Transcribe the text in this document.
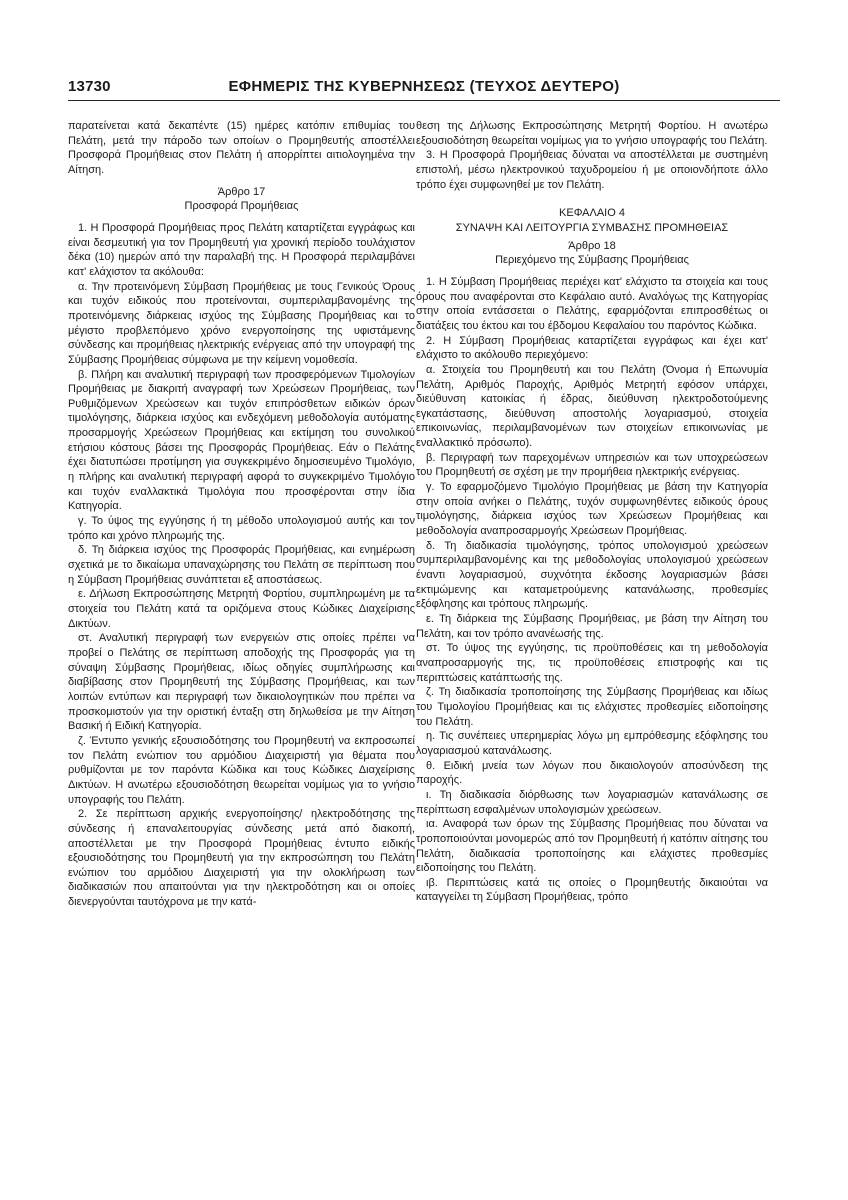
13730	ΕΦΗΜΕΡΙΣ ΤΗΣ ΚΥΒΕΡΝΗΣΕΩΣ (ΤΕΥΧΟΣ ΔΕΥΤΕΡΟ)

παρατείνεται κατά δεκαπέντε (15) ημέρες κατόπιν επιθυμίας του Πελάτη, μετά την πάροδο των οποίων ο Προμηθευτής αποστέλλει Προσφορά Προμήθειας στον Πελάτη ή απορρίπτει αιτιολογημένα την Αίτηση.

Άρθρο 17

Προσφορά Προμήθειας

1. Η Προσφορά Προμήθειας προς Πελάτη καταρτίζεται εγγράφως και είναι δεσμευτική για τον Προμηθευτή για χρονική περίοδο τουλάχιστον δέκα (10) ημερών από την παραλαβή της. Η Προσφορά περιλαμβάνει κατ' ελάχιστον τα ακόλουθα:

α. Την προτεινόμενη Σύμβαση Προμήθειας με τους Γενικούς Όρους και τυχόν ειδικούς που προτείνονται, συμπεριλαμβανομένης της προτεινόμενης διάρκειας ισχύος της Σύμβασης Προμήθειας και το μέγιστο προβλεπόμενο χρόνο ενεργοποίησης της υφιστάμενης σύνδεσης και προμήθειας ηλεκτρικής ενέργειας από την υπογραφή της Σύμβασης Προμήθειας σύμφωνα με την κείμενη νομοθεσία.

β. Πλήρη και αναλυτική περιγραφή των προσφερόμενων Τιμολογίων Προμήθειας με διακριτή αναγραφή των Χρεώσεων Προμήθειας, των Ρυθμιζόμενων Χρεώσεων και τυχόν επιπρόσθετων ειδικών όρων τιμολόγησης, διάρκεια ισχύος και ενδεχόμενη μεθοδολογία αυτόματης προσαρμογής Χρεώσεων Προμήθειας και εκτίμηση του συνολικού ετήσιου κόστους βάσει της Προσφοράς Προμήθειας. Εάν ο Πελάτης έχει διατυπώσει προτίμηση για συγκεκριμένο δημοσιευμένο Τιμολόγιο, η πλήρης και αναλυτική περιγραφή αφορά το συγκεκριμένο Τιμολόγιο και τυχόν εναλλακτικά Τιμολόγια που προσφέρονται στην ίδια Κατηγορία.

γ. Το ύψος της εγγύησης ή τη μέθοδο υπολογισμού αυτής και τον τρόπο και χρόνο πληρωμής της.

δ. Τη διάρκεια ισχύος της Προσφοράς Προμήθειας, και ενημέρωση σχετικά με το δικαίωμα υπαναχώρησης του Πελάτη σε περίπτωση που η Σύμβαση Προμήθειας συνάπτεται εξ αποστάσεως.

ε. Δήλωση Εκπροσώπησης Μετρητή Φορτίου, συμπληρωμένη με τα στοιχεία του Πελάτη κατά τα οριζόμενα στους Κώδικες Διαχείρισης Δικτύων.

στ. Αναλυτική περιγραφή των ενεργειών στις οποίες πρέπει να προβεί ο Πελάτης σε περίπτωση αποδοχής της Προσφοράς για τη σύναψη Σύμβασης Προμήθειας, ιδίως οδηγίες συμπλήρωσης και διαβίβασης στον Προμηθευτή της Σύμβασης Προμήθειας, και των λοιπών εντύπων και περιγραφή των δικαιολογητικών που πρέπει να προσκομιστούν για την οριστική ένταξη στη δηλωθείσα με την Αίτηση Βασική ή Ειδική Κατηγορία.

ζ. Έντυπο γενικής εξουσιοδότησης του Προμηθευτή να εκπροσωπεί τον Πελάτη ενώπιον του αρμόδιου Διαχειριστή για θέματα που ρυθμίζονται με τον παρόντα Κώδικα και τους Κώδικες Διαχείρισης Δικτύων. Η ανωτέρω εξουσιοδότηση θεωρείται νομίμως για το γνήσιο υπογραφής του Πελάτη.

2. Σε περίπτωση αρχικής ενεργοποίησης/ ηλεκτροδότησης της σύνδεσης ή επαναλειτουργίας σύνδεσης μετά από διακοπή, αποστέλλεται με την Προσφορά Προμήθειας έντυπο ειδικής εξουσιοδότησης του Προμηθευτή για την εκπροσώπηση του Πελάτη ενώπιον του αρμόδιου Διαχειριστή για την ολοκλήρωση των διαδικασιών που απαιτούνται για την ηλεκτροδότηση και οι οποίες διενεργούνται ταυτόχρονα με την κατά-

θεση της Δήλωσης Εκπροσώπησης Μετρητή Φορτίου. Η ανωτέρω εξουσιοδότηση θεωρείται νομίμως για το γνήσιο υπογραφής του Πελάτη.

3. Η Προσφορά Προμήθειας δύναται να αποστέλλεται με συστημένη επιστολή, μέσω ηλεκτρονικού ταχυδρομείου ή με οποιονδήποτε άλλο τρόπο έχει συμφωνηθεί με τον Πελάτη.

ΚΕΦΑΛΑΙΟ 4

ΣΥΝΑΨΗ ΚΑΙ ΛΕΙΤΟΥΡΓΙΑ ΣΥΜΒΑΣΗΣ ΠΡΟΜΗΘΕΙΑΣ

Άρθρο 18

Περιεχόμενο της Σύμβασης Προμήθειας

1. Η Σύμβαση Προμήθειας περιέχει κατ' ελάχιστο τα στοιχεία και τους όρους που αναφέρονται στο Κεφάλαιο αυτό. Αναλόγως της Κατηγορίας στην οποία εντάσσεται ο Πελάτης, εφαρμόζονται επιπροσθέτως οι διατάξεις του έκτου και του έβδομου Κεφαλαίου του παρόντος Κώδικα.

2. Η Σύμβαση Προμήθειας καταρτίζεται εγγράφως και έχει κατ' ελάχιστο το ακόλουθο περιεχόμενο:

α. Στοιχεία του Προμηθευτή και του Πελάτη (Όνομα ή Επωνυμία Πελάτη, Αριθμός Παροχής, Αριθμός Μετρητή εφόσον υπάρχει, διεύθυνση κατοικίας ή έδρας, διεύθυνση ηλεκτροδοτούμενης εγκατάστασης, διεύθυνση αποστολής λογαριασμού, στοιχεία επικοινωνίας, περιλαμβανομένων των στοιχείων επικοινωνίας με εναλλακτικό πρόσωπο).

β. Περιγραφή των παρεχομένων υπηρεσιών και των υποχρεώσεων του Προμηθευτή σε σχέση με την προμήθεια ηλεκτρικής ενέργειας.

γ. Το εφαρμοζόμενο Τιμολόγιο Προμήθειας με βάση την Κατηγορία στην οποία ανήκει ο Πελάτης, τυχόν συμφωνηθέντες ειδικούς όρους τιμολόγησης, διάρκεια ισχύος των Χρεώσεων Προμήθειας και μεθοδολογία αναπροσαρμογής Χρεώσεων Προμήθειας.

δ. Τη διαδικασία τιμολόγησης, τρόπος υπολογισμού χρεώσεων συμπεριλαμβανομένης και της μεθοδολογίας υπολογισμού χρεώσεων έναντι λογαριασμού, συχνότητα έκδοσης λογαριασμών βάσει εκτιμώμενης και καταμετρούμενης κατανάλωσης, προθεσμίες εξόφλησης και τρόπους πληρωμής.

ε. Τη διάρκεια της Σύμβασης Προμήθειας, με βάση την Αίτηση του Πελάτη, και τον τρόπο ανανέωσής της.

στ. Το ύψος της εγγύησης, τις προϋποθέσεις και τη μεθοδολογία αναπροσαρμογής της, τις προϋποθέσεις επιστροφής και τις περιπτώσεις κατάπτωσής της.

ζ. Τη διαδικασία τροποποίησης της Σύμβασης Προμήθειας και ιδίως του Τιμολογίου Προμήθειας και τις ελάχιστες προθεσμίες ειδοποίησης του Πελάτη.

η. Τις συνέπειες υπερημερίας λόγω μη εμπρόθεσμης εξόφλησης του λογαριασμού κατανάλωσης.

θ. Ειδική μνεία των λόγων που δικαιολογούν αποσύνδεση της παροχής.

ι. Τη διαδικασία διόρθωσης των λογαριασμών κατανάλωσης σε περίπτωση εσφαλμένων υπολογισμών χρεώσεων.

ια. Αναφορά των όρων της Σύμβασης Προμήθειας που δύναται να τροποποιούνται μονομερώς από τον Προμηθευτή ή κατόπιν αίτησης του Πελάτη, διαδικασία τροποποίησης και ελάχιστες προθεσμίες ειδοποίησης του Πελάτη.

ιβ. Περιπτώσεις κατά τις οποίες ο Προμηθευτής δικαιούται να καταγγείλει τη Σύμβαση Προμήθειας, τρόπο
